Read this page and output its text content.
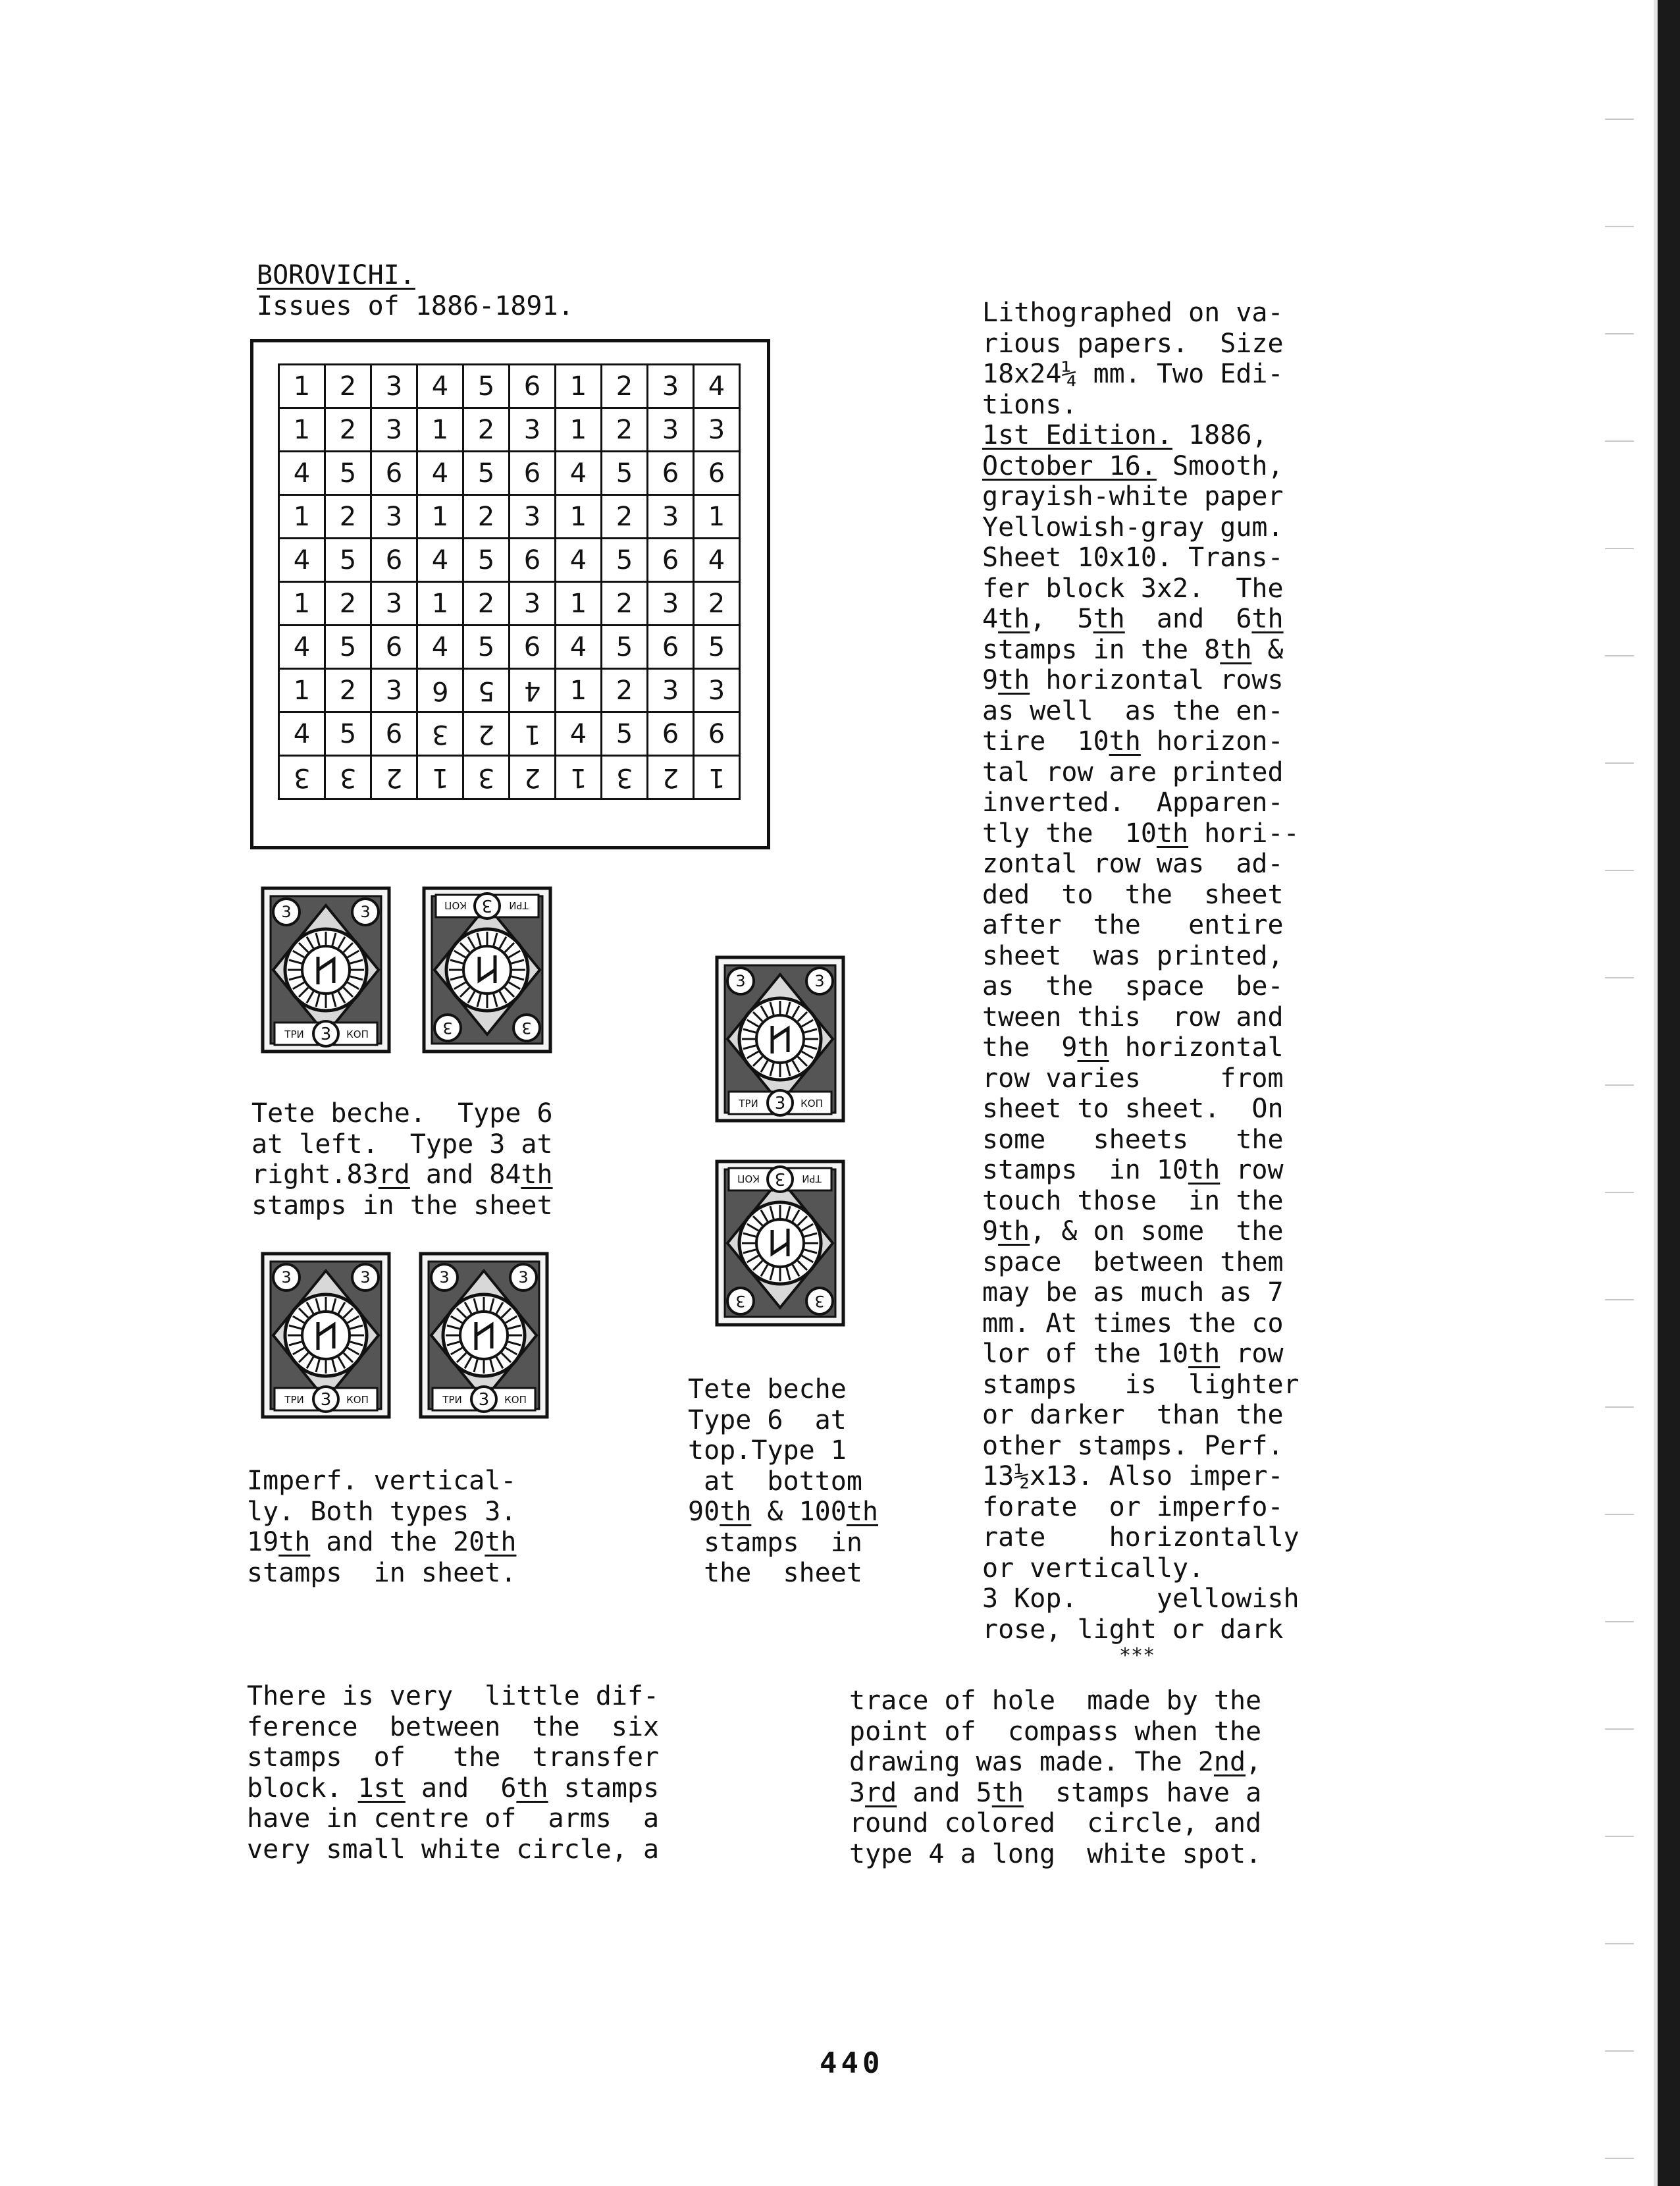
BOROVICHI.
Issues of 1886-1891.
1	2	3	4	5	6	1	2	3	4
1	2	3	1	2	3	1	2	3	3
4	5	6	4	5	6	4	5	6	6
1	2	3	1	2	3	1	2	3	1
4	5	6	4	5	6	4	5	6	4
1	2	3	1	2	3	1	2	3	2
4	5	6	4	5	6	4	5	6	5
1	2	3	6	5	4	1	2	3	3
4	5	6	3	2	1	4	5	6	6
3	3	2	1	3	2	1	3	2	1
3	3
ТРИ 3 КОП	3
3
ТРИ
3
КОП
3	3
ТРИ 3 КОП
3	3
ТРИ 3 КОП
3	3
ТРИ 3 КОП
3
3
ТРИ
3
КОП
Tete beche.  Type 6
at left.  Type 3 at
right.83rd and 84th
stamps in the sheet
Imperf. vertical-
ly. Both types 3.
19th and the 20th
stamps  in sheet.
Tete beche
Type 6  at
top.Type 1
at  bottom
90th & 100th
stamps  in
the  sheet
Lithographed on va-
rious papers.  Size
18x24¼ mm. Two Edi-
tions.
1st Edition. 1886,
October 16. Smooth,
grayish-white paper
Yellowish-gray gum.
Sheet 10x10. Trans-
fer block 3x2.  The
4th,  5th  and  6th
stamps in the 8th &
9th horizontal rows
as well  as the en-
tire  10th horizon-
tal row are printed
inverted.  Apparen-
tly the  10th hori--
zontal row was  ad-
ded  to  the  sheet
after  the   entire
sheet  was printed,
as  the  space  be-
tween this  row and
the  9th horizontal
row varies     from
sheet to sheet.  On
some   sheets   the
stamps  in 10th row
touch those  in the
9th, & on some  the
space  between them
may be as much as 7
mm. At times the co
lor of the 10th row
stamps   is  lighter
or darker  than the
other stamps. Perf.
13½x13. Also imper-
forate  or imperfo-
rate    horizontally
or vertically.
3 Kop.     yellowish
rose, light or dark
***
There is very  little dif-
ference  between  the  six
stamps  of   the  transfer
block. 1st and  6th stamps
have in centre of  arms  a
very small white circle, a
trace of hole  made by the
point of  compass when the
drawing was made. The 2nd,
3rd and 5th  stamps have a
round colored  circle, and
type 4 a long  white spot.
440
